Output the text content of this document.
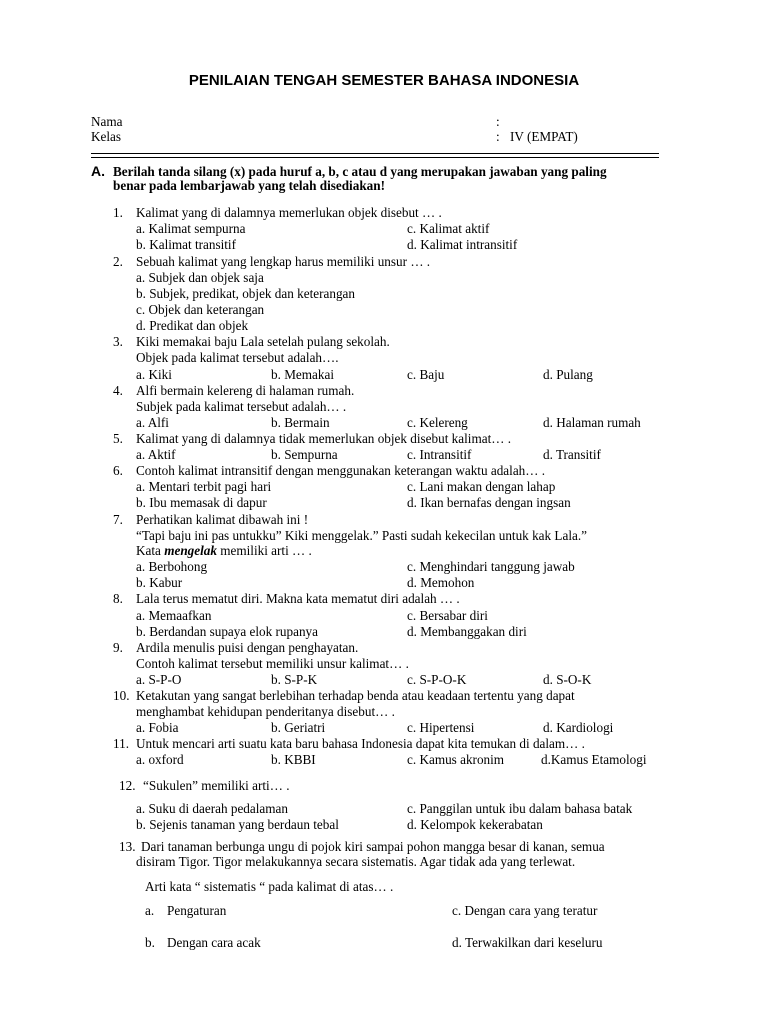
PENILAIAN TENGAH SEMESTER BAHASA INDONESIA
Nama	:
Kelas	: IV (EMPAT)
A. Berilah tanda silang (x) pada huruf a, b, c atau d yang merupakan jawaban yang paling
benar pada lembarjawab yang telah disediakan!
1. Kalimat yang di dalamnya memerlukan objek disebut … .
a. Kalimat sempurna	c. Kalimat aktif
b. Kalimat transitif	d. Kalimat intransitif
2. Sebuah kalimat yang lengkap harus memiliki unsur … .
a. Subjek dan objek saja
b. Subjek, predikat, objek dan keterangan
c. Objek dan keterangan
d. Predikat dan objek
3. Kiki memakai baju Lala setelah pulang sekolah.
Objek pada kalimat tersebut adalah….
a. Kiki	b. Memakai	c. Baju	d. Pulang
4. Alfi bermain kelereng di halaman rumah.
Subjek pada kalimat tersebut adalah… .
a. Alfi	b. Bermain	c. Kelereng	d. Halaman rumah
5. Kalimat yang di dalamnya tidak memerlukan objek disebut kalimat… .
a. Aktif	b. Sempurna	c. Intransitif	d. Transitif
6. Contoh kalimat intransitif dengan menggunakan keterangan waktu adalah… .
a. Mentari terbit pagi hari	c. Lani makan dengan lahap
b. Ibu memasak di dapur	d. Ikan bernafas dengan ingsan
7. Perhatikan kalimat dibawah ini !
“Tapi baju ini pas untukku” Kiki menggelak.” Pasti sudah kekecilan untuk kak Lala.”
Kata mengelak memiliki arti … .
a. Berbohong	c. Menghindari tanggung jawab
b. Kabur	d. Memohon
8. Lala terus mematut diri. Makna kata mematut diri adalah … .
a. Memaafkan	c. Bersabar diri
b. Berdandan supaya elok rupanya	d. Membanggakan diri
9. Ardila menulis puisi dengan penghayatan.
Contoh kalimat tersebut memiliki unsur kalimat… .
a. S-P-O	b. S-P-K	c. S-P-O-K	d. S-O-K
10. Ketakutan yang sangat berlebihan terhadap benda atau keadaan tertentu yang dapat
menghambat kehidupan penderitanya disebut… .
a. Fobia	b. Geriatri	c. Hipertensi	d. Kardiologi
11. Untuk mencari arti suatu kata baru bahasa Indonesia dapat kita temukan di dalam… .
a. oxford	b. KBBI	c. Kamus akronim	d.Kamus Etamologi
12. “Sukulen” memiliki arti… .
a. Suku di daerah pedalaman	c. Panggilan untuk ibu dalam bahasa batak
b. Sejenis tanaman yang berdaun tebal	d. Kelompok kekerabatan
13. Dari tanaman berbunga ungu di pojok kiri sampai pohon mangga besar di kanan, semua
disiram Tigor. Tigor melakukannya secara sistematis. Agar tidak ada yang terlewat.
Arti kata “ sistematis “ pada kalimat di atas… .
a. Pengaturan	c. Dengan cara yang teratur
b. Dengan cara acak	d. Terwakilkan dari keseluru
